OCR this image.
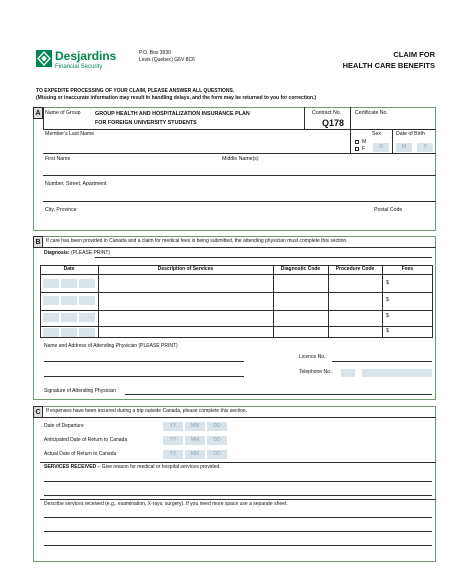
Desjardins
Financial Security
P.O. Box 3930
Levis (Quebec) G6V 8C6
CLAIM FOR
HEALTH CARE BENEFITS
TO EXPEDITE PROCESSING OF YOUR CLAIM, PLEASE ANSWER ALL QUESTIONS.
(Missing or inaccurate information may result in handling delays, and the form may be returned to you for correction.)
A Name of Group	GROUP HEALTH AND HOSPITALIZATION INSURANCE PLAN
FOR FOREIGN UNIVERSITY STUDENTS
Contract No.
Q178
Certificate No.
Member's Last Name	Sex
M
F
Date of Birth
D	M	Y
First Name	Middle Name(s)
Number, Street, Apartment
City, Province	Postal Code
B	If care has been provided in Canada and a claim for medical fees is being submitted, the attending physician must complete this section.
Diagnosis: (PLEASE PRINT)
Date	Description of Services	Diagnostic Code	Procedure Code	Fees
$
$
$
$
Name and Address of Attending Physician (PLEASE PRINT)
Licence No.:
Telephone No.:
Signature of Attending Physician
C	If expenses have been incurred during a trip outside Canada, please complete this section.
Date of Departure	YY	MM	DD
Anticipated Date of Return to Canada	YY	MM	DD
Actual Date of Return to Canada	YY	MM	DD
SERVICES RECEIVED – Give reason for medical or hospital services provided.
Describe services received (e.g., examination, X-rays, surgery). If you need more space use a separate sheet.
